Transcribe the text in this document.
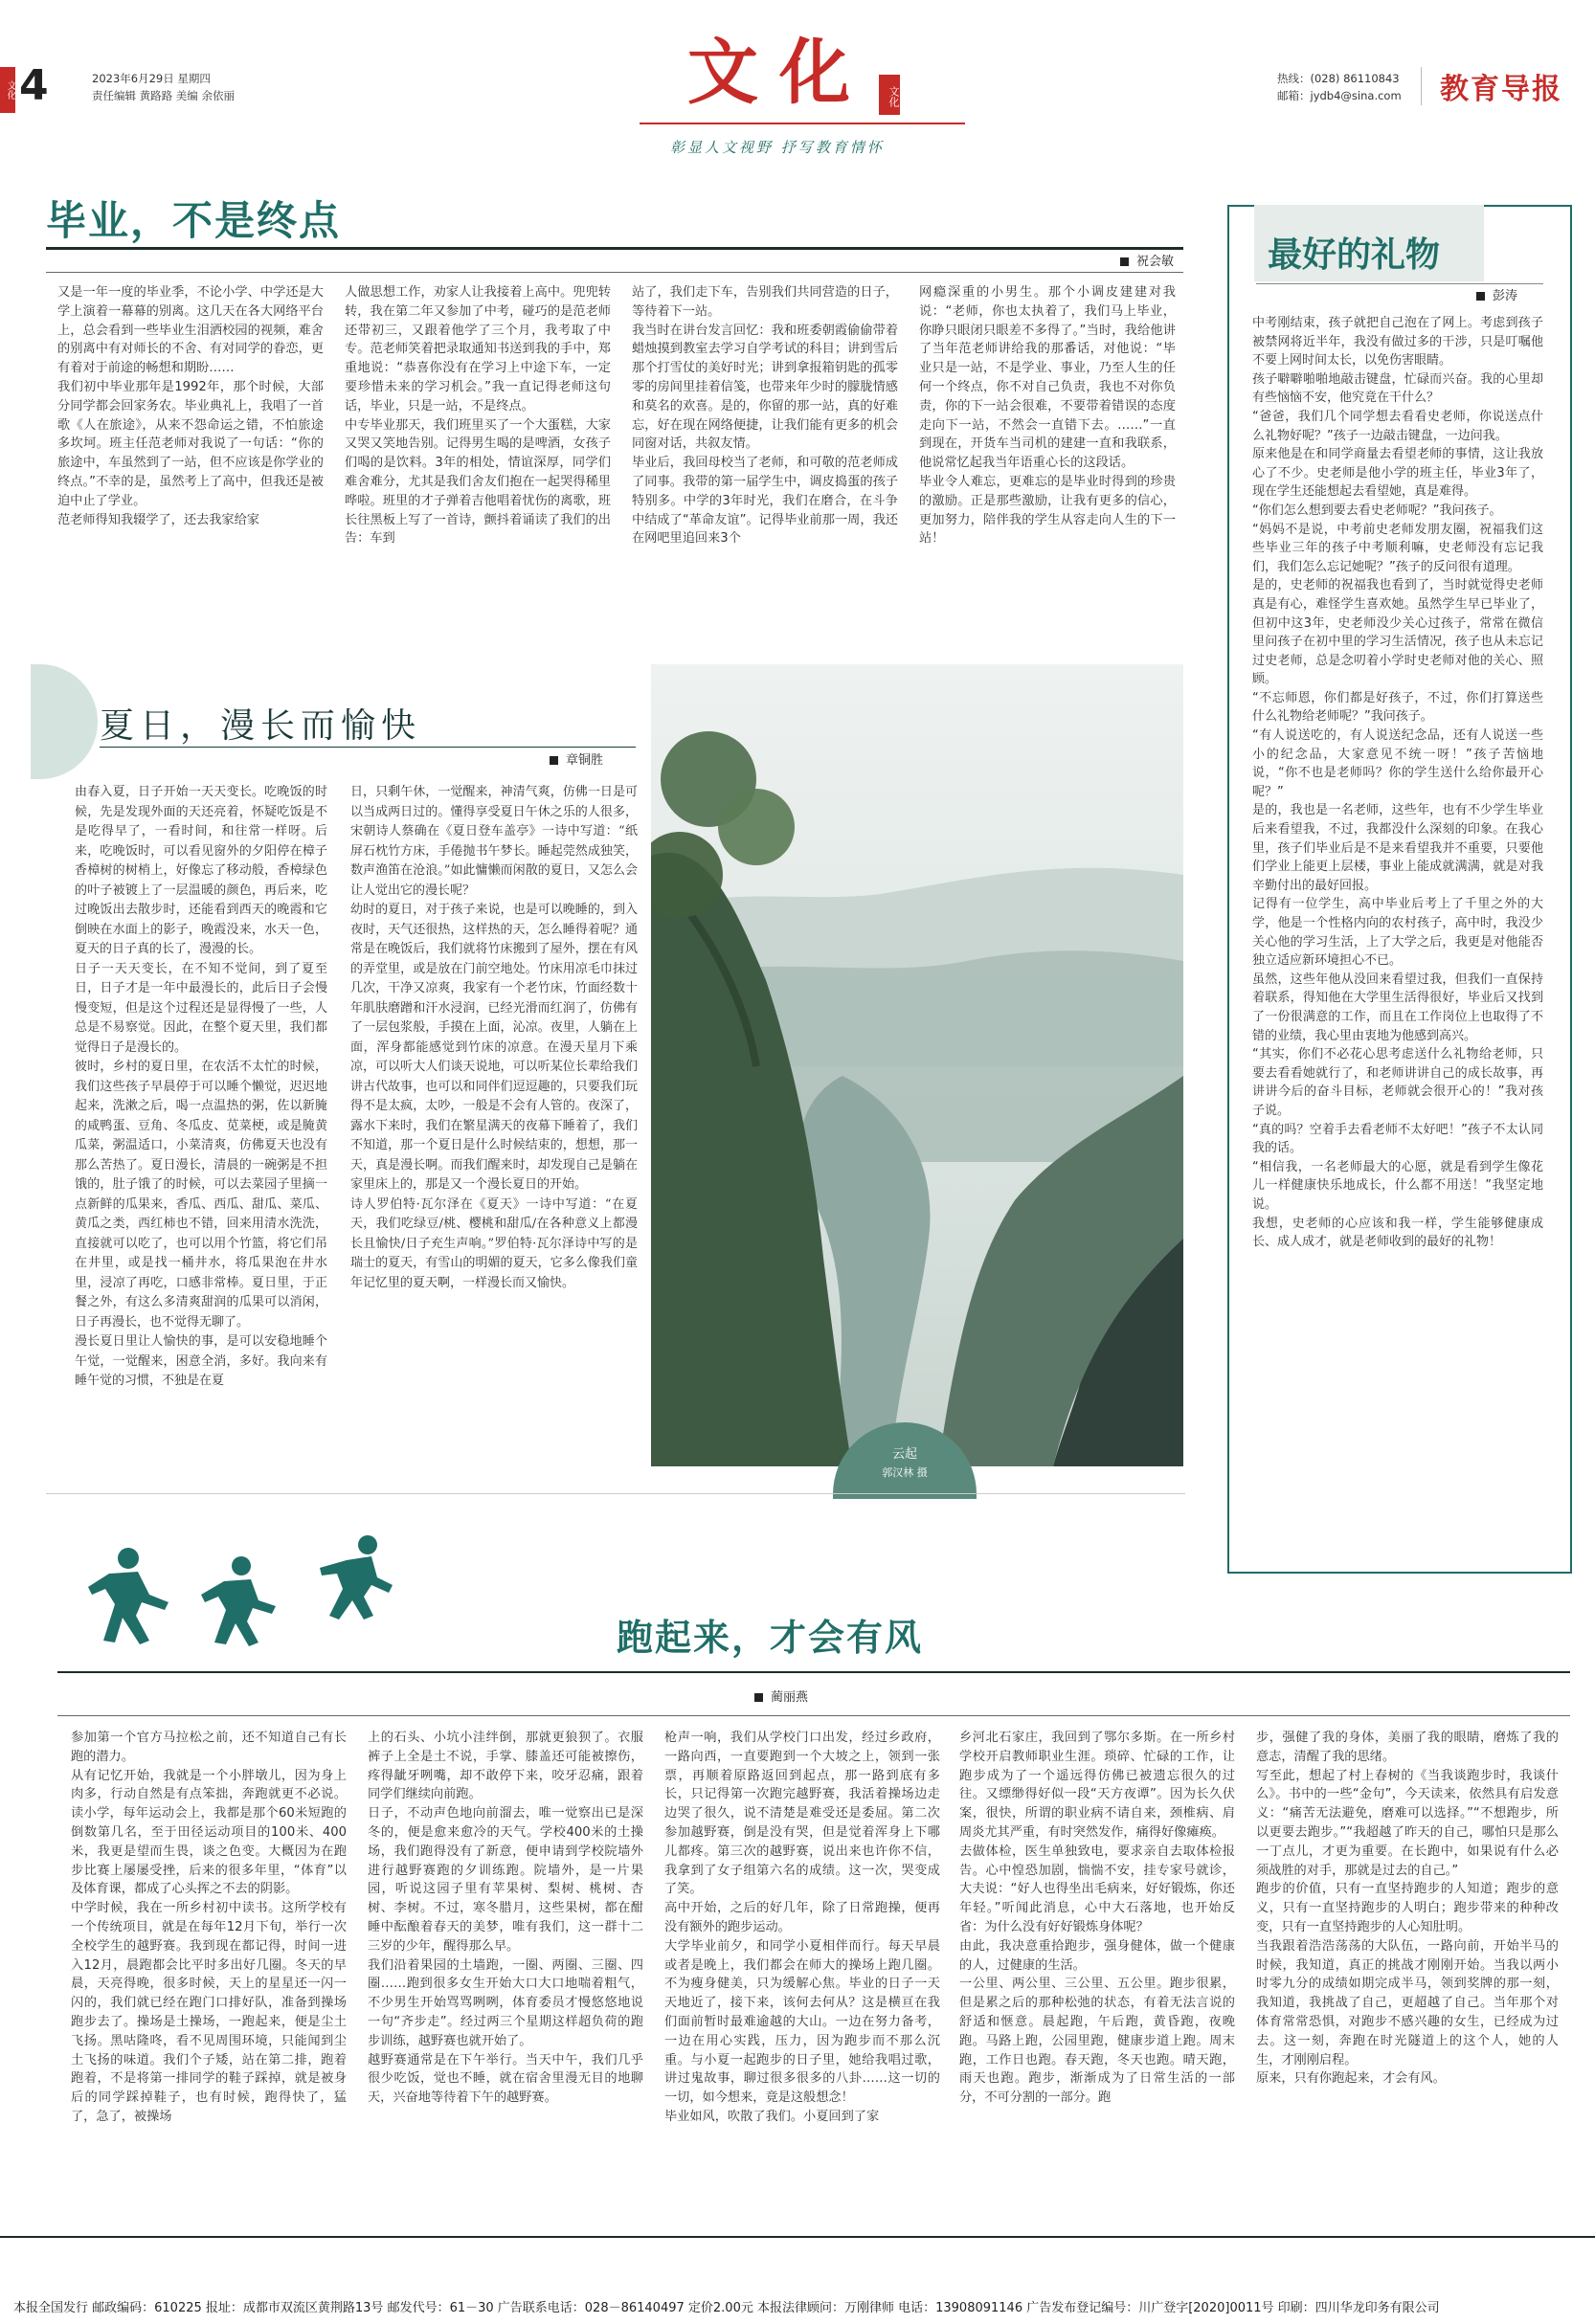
文化 4	2023年6月29日 星期四
责任编辑 黄路路 美编 余依丽	文化	文化
彰显人文视野 抒写教育情怀
热线：(028) 86110843
邮箱：jydb4@sina.com 教育导报
毕业，不是终点
祝会敏
又是一年一度的毕业季，不论小学、中学还是大学上演着一幕幕的别离。这几天在各大网络平台上，总会看到一些毕业生泪洒校园的视频，难舍的别离中有对师长的不舍、有对同学的眷恋，更有着对于前途的畅想和期盼……
我们初中毕业那年是1992年，那个时候，大部分同学都会回家务农。毕业典礼上，我唱了一首歌《人在旅途》，从来不怨命运之错，不怕旅途多坎坷。班主任范老师对我说了一句话：“你的旅途中，车虽然到了一站，但不应该是你学业的终点。”不幸的是，虽然考上了高中，但我还是被迫中止了学业。
范老师得知我辍学了，还去我家给家
人做思想工作，劝家人让我接着上高中。兜兜转转，我在第二年又参加了中考，碰巧的是范老师还带初三，又跟着他学了三个月，我考取了中专。范老师笑着把录取通知书送到我的手中，郑重地说：“恭喜你没有在学习上中途下车，一定要珍惜未来的学习机会。”我一直记得老师这句话，毕业，只是一站，不是终点。
中专毕业那天，我们班里买了一个大蛋糕，大家又哭又笑地告别。记得男生喝的是啤酒，女孩子们喝的是饮料。3年的相处，情谊深厚，同学们难舍难分，尤其是我们舍友们抱在一起哭得稀里哗啦。班里的才子弹着吉他唱着忧伤的离歌，班长往黑板上写了一首诗，颤抖着诵读了我们的出告：车到
站了，我们走下车，告别我们共同营造的日子，等待着下一站。
我当时在讲台发言回忆：我和班委朝霞偷偷带着蜡烛摸到教室去学习自学考试的科目；讲到雪后那个打雪仗的美好时光；讲到拿报箱钥匙的孤零零的房间里挂着信笺，也带来年少时的朦胧情感和莫名的欢喜。是的，你留的那一站，真的好难忘，好在现在网络便捷，让我们能有更多的机会同窗对话，共叙友情。
毕业后，我回母校当了老师，和可敬的范老师成了同事。我带的第一届学生中，调皮捣蛋的孩子特别多。中学的3年时光，我们在磨合，在斗争中结成了“革命友谊”。记得毕业前那一周，我还在网吧里追回来3个
网瘾深重的小男生。那个小调皮建建对我说：“老师，你也太执着了，我们马上毕业，你睁只眼闭只眼差不多得了。”当时，我给他讲了当年范老师讲给我的那番话，对他说：“毕业只是一站，不是学业、事业，乃至人生的任何一个终点，你不对自己负责，我也不对你负责，你的下一站会很难，不要带着错误的态度走向下一站，不然会一直错下去。……”一直到现在，开货车当司机的建建一直和我联系，他说常忆起我当年语重心长的这段话。
毕业令人难忘，更难忘的是毕业时得到的珍贵的激励。正是那些激励，让我有更多的信心，更加努力，陪伴我的学生从容走向人生的下一站！
最好的礼物
彭涛
中考刚结束，孩子就把自己泡在了网上。考虑到孩子被禁网将近半年，我没有做过多的干涉，只是叮嘱他不要上网时间太长，以免伤害眼睛。
孩子噼噼啪啪地敲击键盘，忙碌而兴奋。我的心里却有些恼恼不安，他究竟在干什么？
“爸爸，我们几个同学想去看看史老师，你说送点什么礼物好呢？”孩子一边敲击键盘，一边问我。
原来他是在和同学商量去看望老师的事情，这让我放心了不少。史老师是他小学的班主任，毕业3年了，现在学生还能想起去看望她，真是难得。
“你们怎么想到要去看史老师呢？”我问孩子。
“妈妈不是说，中考前史老师发朋友圈，祝福我们这些毕业三年的孩子中考顺利嘛，史老师没有忘记我们，我们怎么忘记她呢？”孩子的反问很有道理。
是的，史老师的祝福我也看到了，当时就觉得史老师真是有心，难怪学生喜欢她。虽然学生早已毕业了，但初中这3年，史老师没少关心过孩子，常常在微信里问孩子在初中里的学习生活情况，孩子也从未忘记过史老师，总是念叨着小学时史老师对他的关心、照顾。
“不忘师恩，你们都是好孩子，不过，你们打算送些什么礼物给老师呢？”我问孩子。
“有人说送吃的，有人说送纪念品，还有人说送一些小的纪念品，大家意见不统一呀！”孩子苦恼地说，“你不也是老师吗？你的学生送什么给你最开心呢？”
是的，我也是一名老师，这些年，也有不少学生毕业后来看望我，不过，我都没什么深刻的印象。在我心里，孩子们毕业后是不是来看望我并不重要，只要他们学业上能更上层楼，事业上能成就满满，就是对我辛勤付出的最好回报。
记得有一位学生，高中毕业后考上了千里之外的大学，他是一个性格内向的农村孩子，高中时，我没少关心他的学习生活，上了大学之后，我更是对他能否独立适应新环境担心不已。
虽然，这些年他从没回来看望过我，但我们一直保持着联系，得知他在大学里生活得很好，毕业后又找到了一份很满意的工作，而且在工作岗位上也取得了不错的业绩，我心里由衷地为他感到高兴。
“其实，你们不必花心思考虑送什么礼物给老师，只要去看看她就行了，和老师讲讲自己的成长故事，再讲讲今后的奋斗目标，老师就会很开心的！”我对孩子说。
“真的吗？空着手去看老师不太好吧！”孩子不太认同我的话。
“相信我，一名老师最大的心愿，就是看到学生像花儿一样健康快乐地成长，什么都不用送！”我坚定地说。
我想，史老师的心应该和我一样，学生能够健康成长、成人成才，就是老师收到的最好的礼物！
夏日，漫长而愉快
章铜胜
由春入夏，日子开始一天天变长。吃晚饭的时候，先是发现外面的天还亮着，怀疑吃饭是不是吃得早了，一看时间，和往常一样呀。后来，吃晚饭时，可以看见窗外的夕阳停在樟子香樟树的树梢上，好像忘了移动般，香樟绿色的叶子被镀上了一层温暖的颜色，再后来，吃过晚饭出去散步时，还能看到西天的晚霞和它倒映在水面上的影子，晚霞没来，水天一色，夏天的日子真的长了，漫漫的长。
日子一天天变长，在不知不觉间，到了夏至日，日子才是一年中最漫长的，此后日子会慢慢变短，但是这个过程还是显得慢了一些，人总是不易察觉。因此，在整个夏天里，我们都觉得日子是漫长的。
彼时，乡村的夏日里，在农活不太忙的时候，我们这些孩子早晨停于可以睡个懒觉，迟迟地起来，洗漱之后，喝一点温热的粥，佐以新腌的咸鸭蛋、豆角、冬瓜皮、苋菜梗，或是腌黄瓜菜，粥温适口，小菜清爽，仿佛夏天也没有那么苦热了。夏日漫长，清晨的一碗粥是不担饿的，肚子饿了的时候，可以去菜园子里摘一点新鲜的瓜果来，香瓜、西瓜、甜瓜、菜瓜、黄瓜之类，西红柿也不错，回来用清水洗洗，直接就可以吃了，也可以用个竹篮，将它们吊在井里，或是找一桶井水，将瓜果泡在井水里，浸凉了再吃，口感非常棒。夏日里，于正餐之外，有这么多清爽甜润的瓜果可以消闲，日子再漫长，也不觉得无聊了。
漫长夏日里让人愉快的事，是可以安稳地睡个午觉，一觉醒来，困意全消，多好。我向来有睡午觉的习惯，不独是在夏
日，只剩午休，一觉醒来，神清气爽，仿佛一日是可以当成两日过的。懂得享受夏日午休之乐的人很多，宋朝诗人蔡确在《夏日登车盖亭》一诗中写道：“纸屏石枕竹方床，手倦抛书午梦长。睡起莞然成独笑，数声渔笛在沧浪。”如此慵懒而闲散的夏日，又怎么会让人觉出它的漫长呢？
幼时的夏日，对于孩子来说，也是可以晚睡的，到入夜时，天气还很热，这样热的天，怎么睡得着呢？通常是在晚饭后，我们就将竹床搬到了屋外，摆在有风的弄堂里，或是放在门前空地处。竹床用凉毛巾抹过几次，干净又凉爽，我家有一个老竹床，竹面经数十年肌肤磨蹭和汗水浸润，已经光滑而红润了，仿佛有了一层包浆般，手摸在上面，沁凉。夜里，人躺在上面，浑身都能感觉到竹床的凉意。在漫天星月下乘凉，可以听大人们谈天说地，可以听某位长辈给我们讲古代故事，也可以和同伴们逗逗趣的，只要我们玩得不是太疯，太吵，一般是不会有人管的。夜深了，露水下来时，我们在繁星满天的夜幕下睡着了，我们不知道，那一个夏日是什么时候结束的，想想，那一天，真是漫长啊。而我们醒来时，却发现自己是躺在家里床上的，那是又一个漫长夏日的开始。
诗人罗伯特·瓦尔泽在《夏天》一诗中写道：“在夏天，我们吃绿豆/桃、樱桃和甜瓜/在各种意义上都漫长且愉快/日子充生声响。”罗伯特·瓦尔泽诗中写的是瑞士的夏天，有雪山的明媚的夏天，它多么像我们童年记忆里的夏天啊，一样漫长而又愉快。
云起
郭汉林 摄
跑起来，才会有风
蔺丽燕
参加第一个官方马拉松之前，还不知道自己有长跑的潜力。
从有记忆开始，我就是一个小胖墩儿，因为身上肉多，行动自然是有点笨拙，奔跑就更不必说。读小学，每年运动会上，我都是那个60米短跑的倒数第几名，至于田径运动项目的100米、400米，我更是望而生畏，谈之色变。大概因为在跑步比赛上屡屡受挫，后来的很多年里，“体育”以及体育课，都成了心头挥之不去的阴影。
中学时候，我在一所乡村初中读书。这所学校有一个传统项目，就是在每年12月下旬，举行一次全校学生的越野赛。我到现在都记得，时间一进入12月，晨跑都会比平时多出好几圈。冬天的早晨，天亮得晚，很多时候，天上的星星还一闪一闪的，我们就已经在跑门口排好队，准备到操场跑步去了。操场是土操场，一跑起来，便是尘土飞扬。黑咕隆咚，看不见周围环境，只能闻到尘土飞扬的味道。我们个子矮，站在第二排，跑着跑着，不是将第一排同学的鞋子踩掉，就是被身后的同学踩掉鞋子，也有时候，跑得快了，猛了，急了，被操场
上的石头、小坑小洼绊倒，那就更狼狈了。衣服裤子上全是土不说，手掌、膝盖还可能被擦伤，疼得龇牙咧嘴，却不敢停下来，咬牙忍痛，跟着同学们继续向前跑。
日子，不动声色地向前溜去，唯一觉察出已是深冬的，便是愈来愈冷的天气。学校400米的土操场，我们跑得没有了新意，便申请到学校院墙外进行越野赛跑的夕训练跑。院墙外，是一片果园，听说这园子里有苹果树、梨树、桃树、杏树、李树。不过，寒冬腊月，这些果树，都在酣睡中酝酿着春天的美梦，唯有我们，这一群十二三岁的少年，醒得那么早。
我们沿着果园的土墙跑，一圈、两圈、三圈、四圈……跑到很多女生开始大口大口地喘着粗气，不少男生开始骂骂咧咧，体育委员才慢悠悠地说一句“齐步走”。经过两三个星期这样超负荷的跑步训练，越野赛也就开始了。
越野赛通常是在下午举行。当天中午，我们几乎很少吃饭，觉也不睡，就在宿舍里漫无目的地聊天，兴奋地等待着下午的越野赛。
枪声一响，我们从学校门口出发，经过乡政府，一路向西，一直要跑到一个大坡之上，领到一张票，再顺着原路返回到起点，那一路到底有多长，只记得第一次跑完越野赛，我活着操场边走边哭了很久，说不清楚是难受还是委屈。第二次参加越野赛，倒是没有哭，但是觉着浑身上下哪儿都疼。第三次的越野赛，说出来也许你不信，我拿到了女子组第六名的成绩。这一次，哭变成了笑。
高中开始，之后的好几年，除了日常跑操，便再没有额外的跑步运动。
大学毕业前夕，和同学小夏相伴而行。每天早晨或者是晚上，我们都会在师大的操场上跑几圈。不为瘦身健美，只为缓解心焦。毕业的日子一天天地近了，接下来，该何去何从？这是横亘在我们面前暂时最难逾越的大山。一边在努力备考，一边在用心实践，压力，因为跑步而不那么沉重。与小夏一起跑步的日子里，她给我唱过歌，讲过鬼故事，聊过很多很多的八卦……这一切的一切，如今想来，竟是这般想念！
毕业如风，吹散了我们。小夏回到了家
乡河北石家庄，我回到了鄂尔多斯。在一所乡村学校开启教师职业生涯。琐碎、忙碌的工作，让跑步成为了一个遥远得仿佛已被遗忘很久的过往。又缥缈得好似一段“天方夜谭”。因为长久伏案，很快，所谓的职业病不请自来，颈椎病、肩周炎尤其严重，有时突然发作，痛得好像瘫痪。
去做体检，医生单独致电，要求亲自去取体检报告。心中惶恐加剧，惴惴不安，挂专家号就诊，大夫说：“好人也得坐出毛病来，好好锻炼，你还年轻。”听闻此消息，心中大石落地，也开始反省：为什么没有好好锻炼身体呢？
由此，我决意重拾跑步，强身健体，做一个健康的人，过健康的生活。
一公里、两公里、三公里、五公里。跑步很累，但是累之后的那种松弛的状态，有着无法言说的舒适和惬意。晨起跑，午后跑，黄昏跑，夜晚跑。马路上跑，公园里跑，健康步道上跑。周末跑，工作日也跑。春天跑，冬天也跑。晴天跑，雨天也跑。跑步，渐渐成为了日常生活的一部分，不可分割的一部分。跑
步，强健了我的身体，美丽了我的眼睛，磨炼了我的意志，清醒了我的思绪。
写至此，想起了村上春树的《当我谈跑步时，我谈什么》。书中的一些“金句”，今天读来，依然具有启发意义：“痛苦无法避免，磨难可以选择。”“不想跑步，所以更要去跑步。”“我超越了昨天的自己，哪怕只是那么一丁点儿，才更为重要。在长跑中，如果说有什么必须战胜的对手，那就是过去的自己。”
跑步的价值，只有一直坚持跑步的人知道；跑步的意义，只有一直坚持跑步的人明白；跑步带来的种种改变，只有一直坚持跑步的人心知肚明。
当我跟着浩浩荡荡的大队伍，一路向前，开始半马的时候，我知道，真正的挑战才刚刚开始。当我以两小时零九分的成绩如期完成半马，领到奖牌的那一刻，我知道，我挑战了自己，更超越了自己。当年那个对体育常常恐惧，对跑步不感兴趣的女生，已经成为过去。这一刻，奔跑在时光隧道上的这个人，她的人生，才刚刚启程。
原来，只有你跑起来，才会有风。
本报全国发行 邮政编码：610225 报址：成都市双流区黄荆路13号 邮发代号：61－30 广告联系电话：028－86140497 定价2.00元 本报法律顾问：万刚律师 电话：13908091146 广告发布登记编号：川广登字[2020]0011号 印刷：四川华龙印务有限公司
